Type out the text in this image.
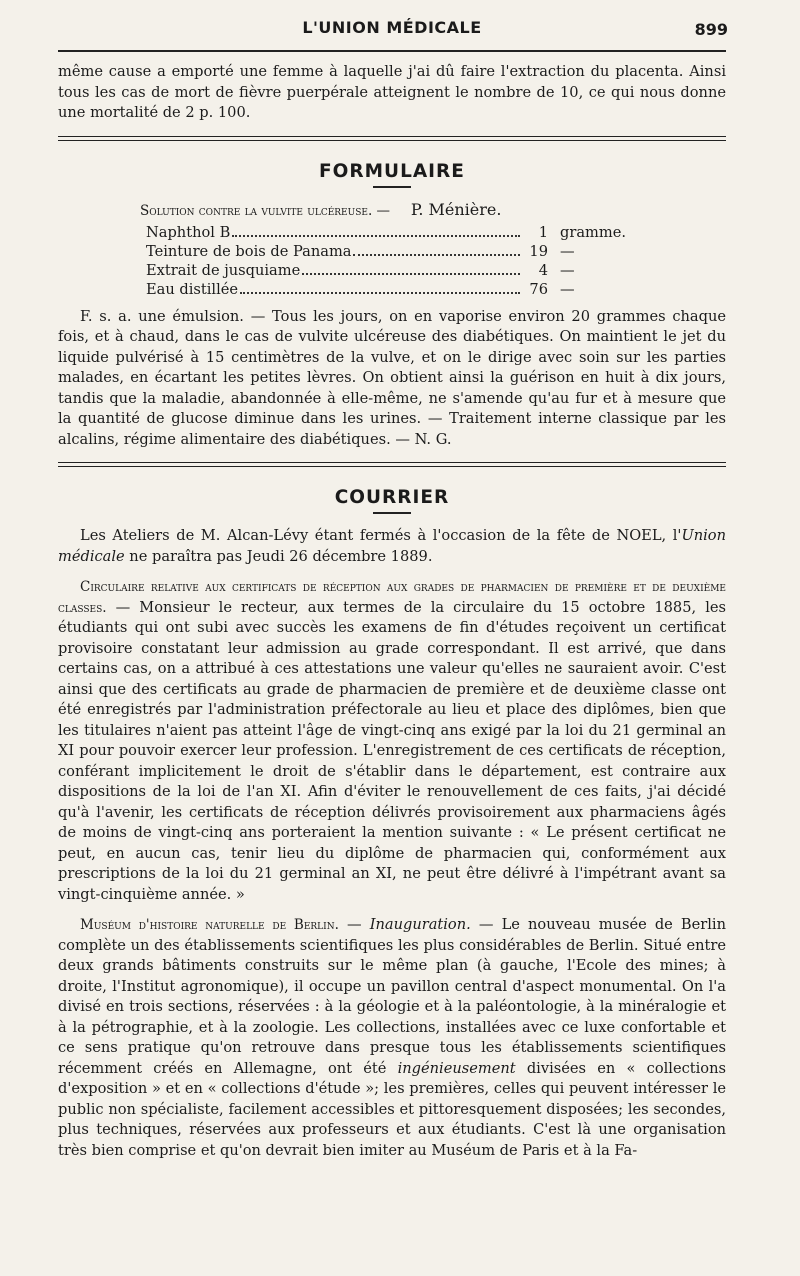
L'UNION MÉDICALE	899

même cause a emporté une femme à laquelle j'ai dû faire l'extraction du placenta. Ainsi tous les cas de mort de fièvre puerpérale atteignent le nombre de 10, ce qui nous donne une mortalité de 2 p. 100.

FORMULAIRE
Solution contre la vulvite ulcéreuse. — P. Ménière.
Naphthol B	1 gramme.
Teinture de bois de Panama	19 —
Extrait de jusquiame	4 —
Eau distillée	76 —

F. s. a. une émulsion. — Tous les jours, on en vaporise environ 20 grammes chaque fois, et à chaud, dans le cas de vulvite ulcéreuse des diabétiques. On maintient le jet du liquide pulvérisé à 15 centimètres de la vulve, et on le dirige avec soin sur les parties malades, en écartant les petites lèvres. On obtient ainsi la guérison en huit à dix jours, tandis que la maladie, abandonnée à elle-même, ne s'amende qu'au fur et à mesure que la quantité de glucose diminue dans les urines. — Traitement interne classique par les alcalins, régime alimentaire des diabétiques. — N. G.

COURRIER

Les Ateliers de M. Alcan-Lévy étant fermés à l'occasion de la fête de NOEL, l'Union médicale ne paraîtra pas Jeudi 26 décembre 1889.

Circulaire relative aux certificats de réception aux grades de pharmacien de première et de deuxième classes. — Monsieur le recteur, aux termes de la circulaire du 15 octobre 1885, les étudiants qui ont subi avec succès les examens de fin d'études reçoivent un certificat provisoire constatant leur admission au grade correspondant. Il est arrivé, que dans certains cas, on a attribué à ces attestations une valeur qu'elles ne sauraient avoir. C'est ainsi que des certificats au grade de pharmacien de première et de deuxième classe ont été enregistrés par l'administration préfectorale au lieu et place des diplômes, bien que les titulaires n'aient pas atteint l'âge de vingt-cinq ans exigé par la loi du 21 germinal an XI pour pouvoir exercer leur profession. L'enregistrement de ces certificats de réception, conférant implicitement le droit de s'établir dans le département, est contraire aux dispositions de la loi de l'an XI. Afin d'éviter le renouvellement de ces faits, j'ai décidé qu'à l'avenir, les certificats de réception délivrés provisoirement aux pharmaciens âgés de moins de vingt-cinq ans porteraient la mention suivante : « Le présent certificat ne peut, en aucun cas, tenir lieu du diplôme de pharmacien qui, conformément aux prescriptions de la loi du 21 germinal an XI, ne peut être délivré à l'impétrant avant sa vingt-cinquième année. »

Muséum d'histoire naturelle de Berlin. — Inauguration. — Le nouveau musée de Berlin complète un des établissements scientifiques les plus considérables de Berlin. Situé entre deux grands bâtiments construits sur le même plan (à gauche, l'Ecole des mines; à droite, l'Institut agronomique), il occupe un pavillon central d'aspect monumental. On l'a divisé en trois sections, réservées : à la géologie et à la paléontologie, à la minéralogie et à la pétrographie, et à la zoologie. Les collections, installées avec ce luxe confortable et ce sens pratique qu'on retrouve dans presque tous les établissements scientifiques récemment créés en Allemagne, ont été ingénieusement divisées en « collections d'exposition » et en « collections d'étude »; les premières, celles qui peuvent intéresser le public non spécialiste, facilement accessibles et pittoresquement disposées; les secondes, plus techniques, réservées aux professeurs et aux étudiants. C'est là une organisation très bien comprise et qu'on devrait bien imiter au Muséum de Paris et à la Fa-
